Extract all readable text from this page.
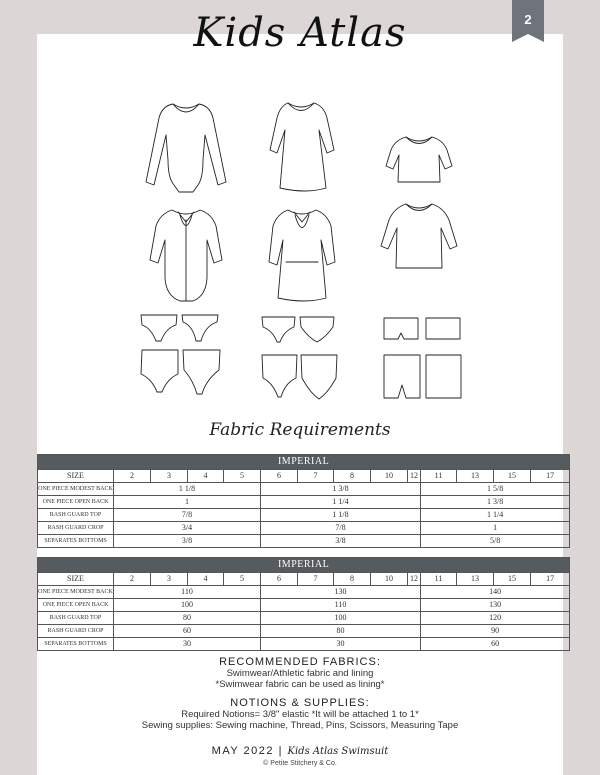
2
Kids Atlas
Fabric Requirements
IMPERIAL													
SIZE	2	3	4	5	6	7	8	10	12	11	13	15	17
ONE PIECE MODEST BACK	1 1/8				1 3/8					1 5/8			
ONE PIECE OPEN BACK	1				1 1/4					1 3/8			
RASH GUARD TOP	7/8				1 1/8					1 1/4			
RASH GUARD CROP	3/4				7/8					1			
SEPARATES BOTTOMS	3/8				3/8					5/8			
IMPERIAL													
SIZE	2	3	4	5	6	7	8	10	12	11	13	15	17
ONE PIECE MODEST BACK	110				130					140			
ONE PIECE OPEN BACK	100				110					130			
RASH GUARD TOP	80				100					120			
RASH GUARD CROP	60				80					90			
SEPARATES BOTTOMS	30				30					60			
RECOMMENDED FABRICS:
Swimwear/Athletic fabric and lining
*Swimwear fabric can be used as lining*
NOTIONS & SUPPLIES:
Required Notions= 3/8" elastic *It will be attached 1 to 1*
Sewing supplies: Sewing machine, Thread, Pins, Scissors, Measuring Tape
MAY 2022 | Kids Atlas Swimsuit
© Petite Stitchery & Co.
